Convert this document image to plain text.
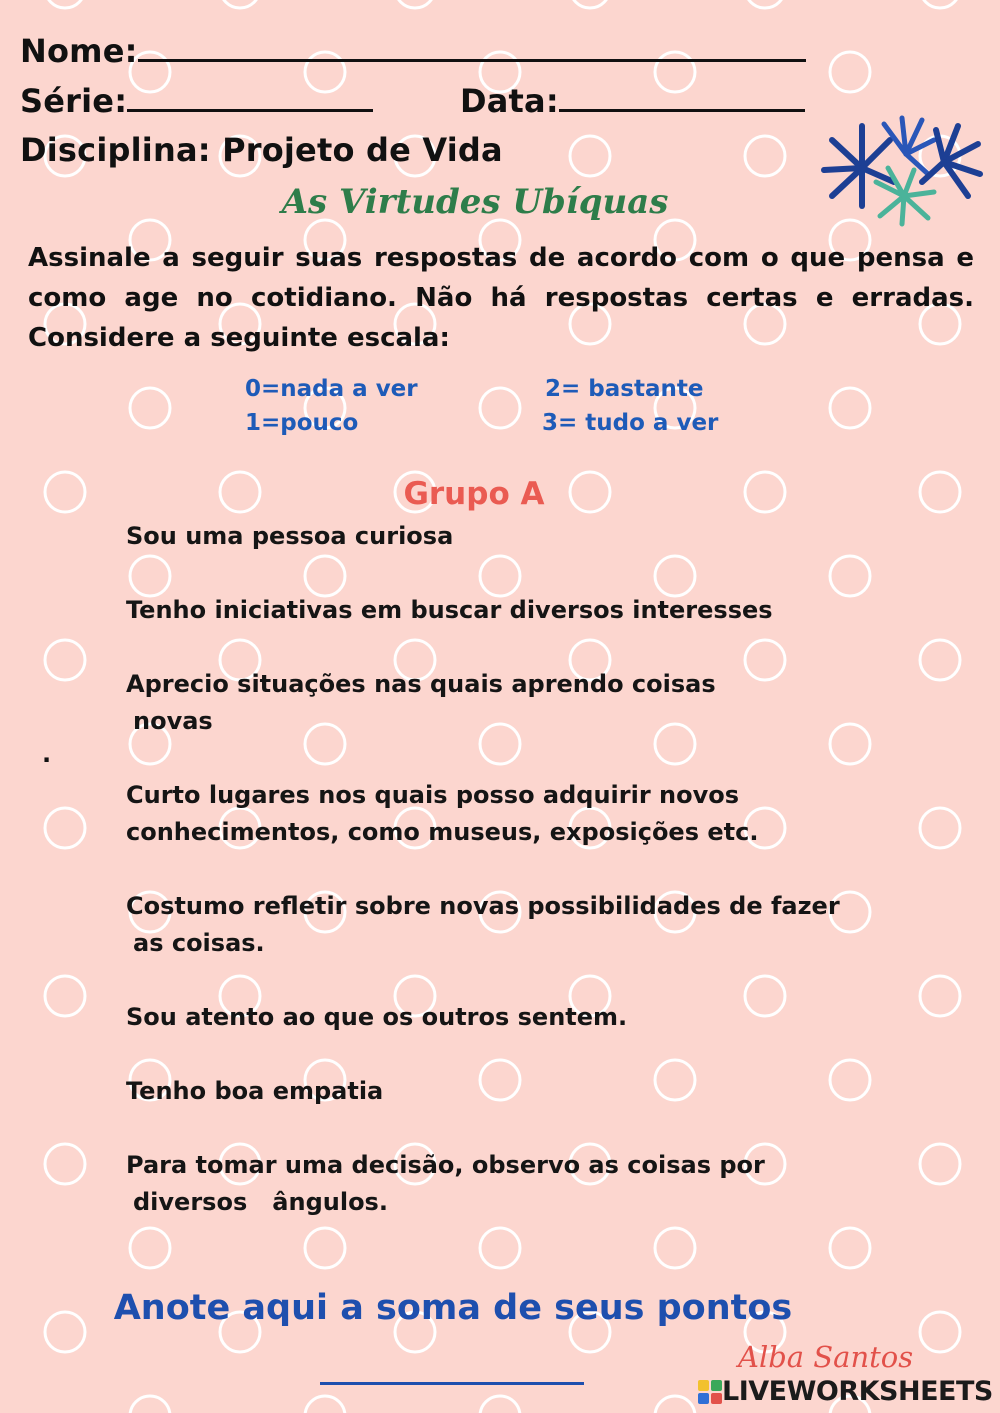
Nome:
Série:	Data:
Disciplina: Projeto de Vida
As Virtudes Ubíquas
Assinale a seguir suas respostas de acordo com o que pensa e como age no cotidiano. Não há respostas certas e erradas. Considere a seguinte escala:
0=nada a ver
1=pouco
2= bastante
3= tudo a ver
Grupo A
Sou uma pessoa curiosa
Tenho iniciativas em buscar diversos interesses
Aprecio situações nas quais aprendo coisas
novas
Curto lugares nos quais posso adquirir novos
conhecimentos, como museus, exposições etc.
Costumo refletir sobre novas possibilidades de fazer
as coisas.
Sou atento ao que os outros sentem.
Tenho boa empatia
Para tomar uma decisão, observo as coisas por
diversos   ângulos.
.
Anote aqui a soma de seus pontos
Alba Santos
LIVEWORKSHEETS
